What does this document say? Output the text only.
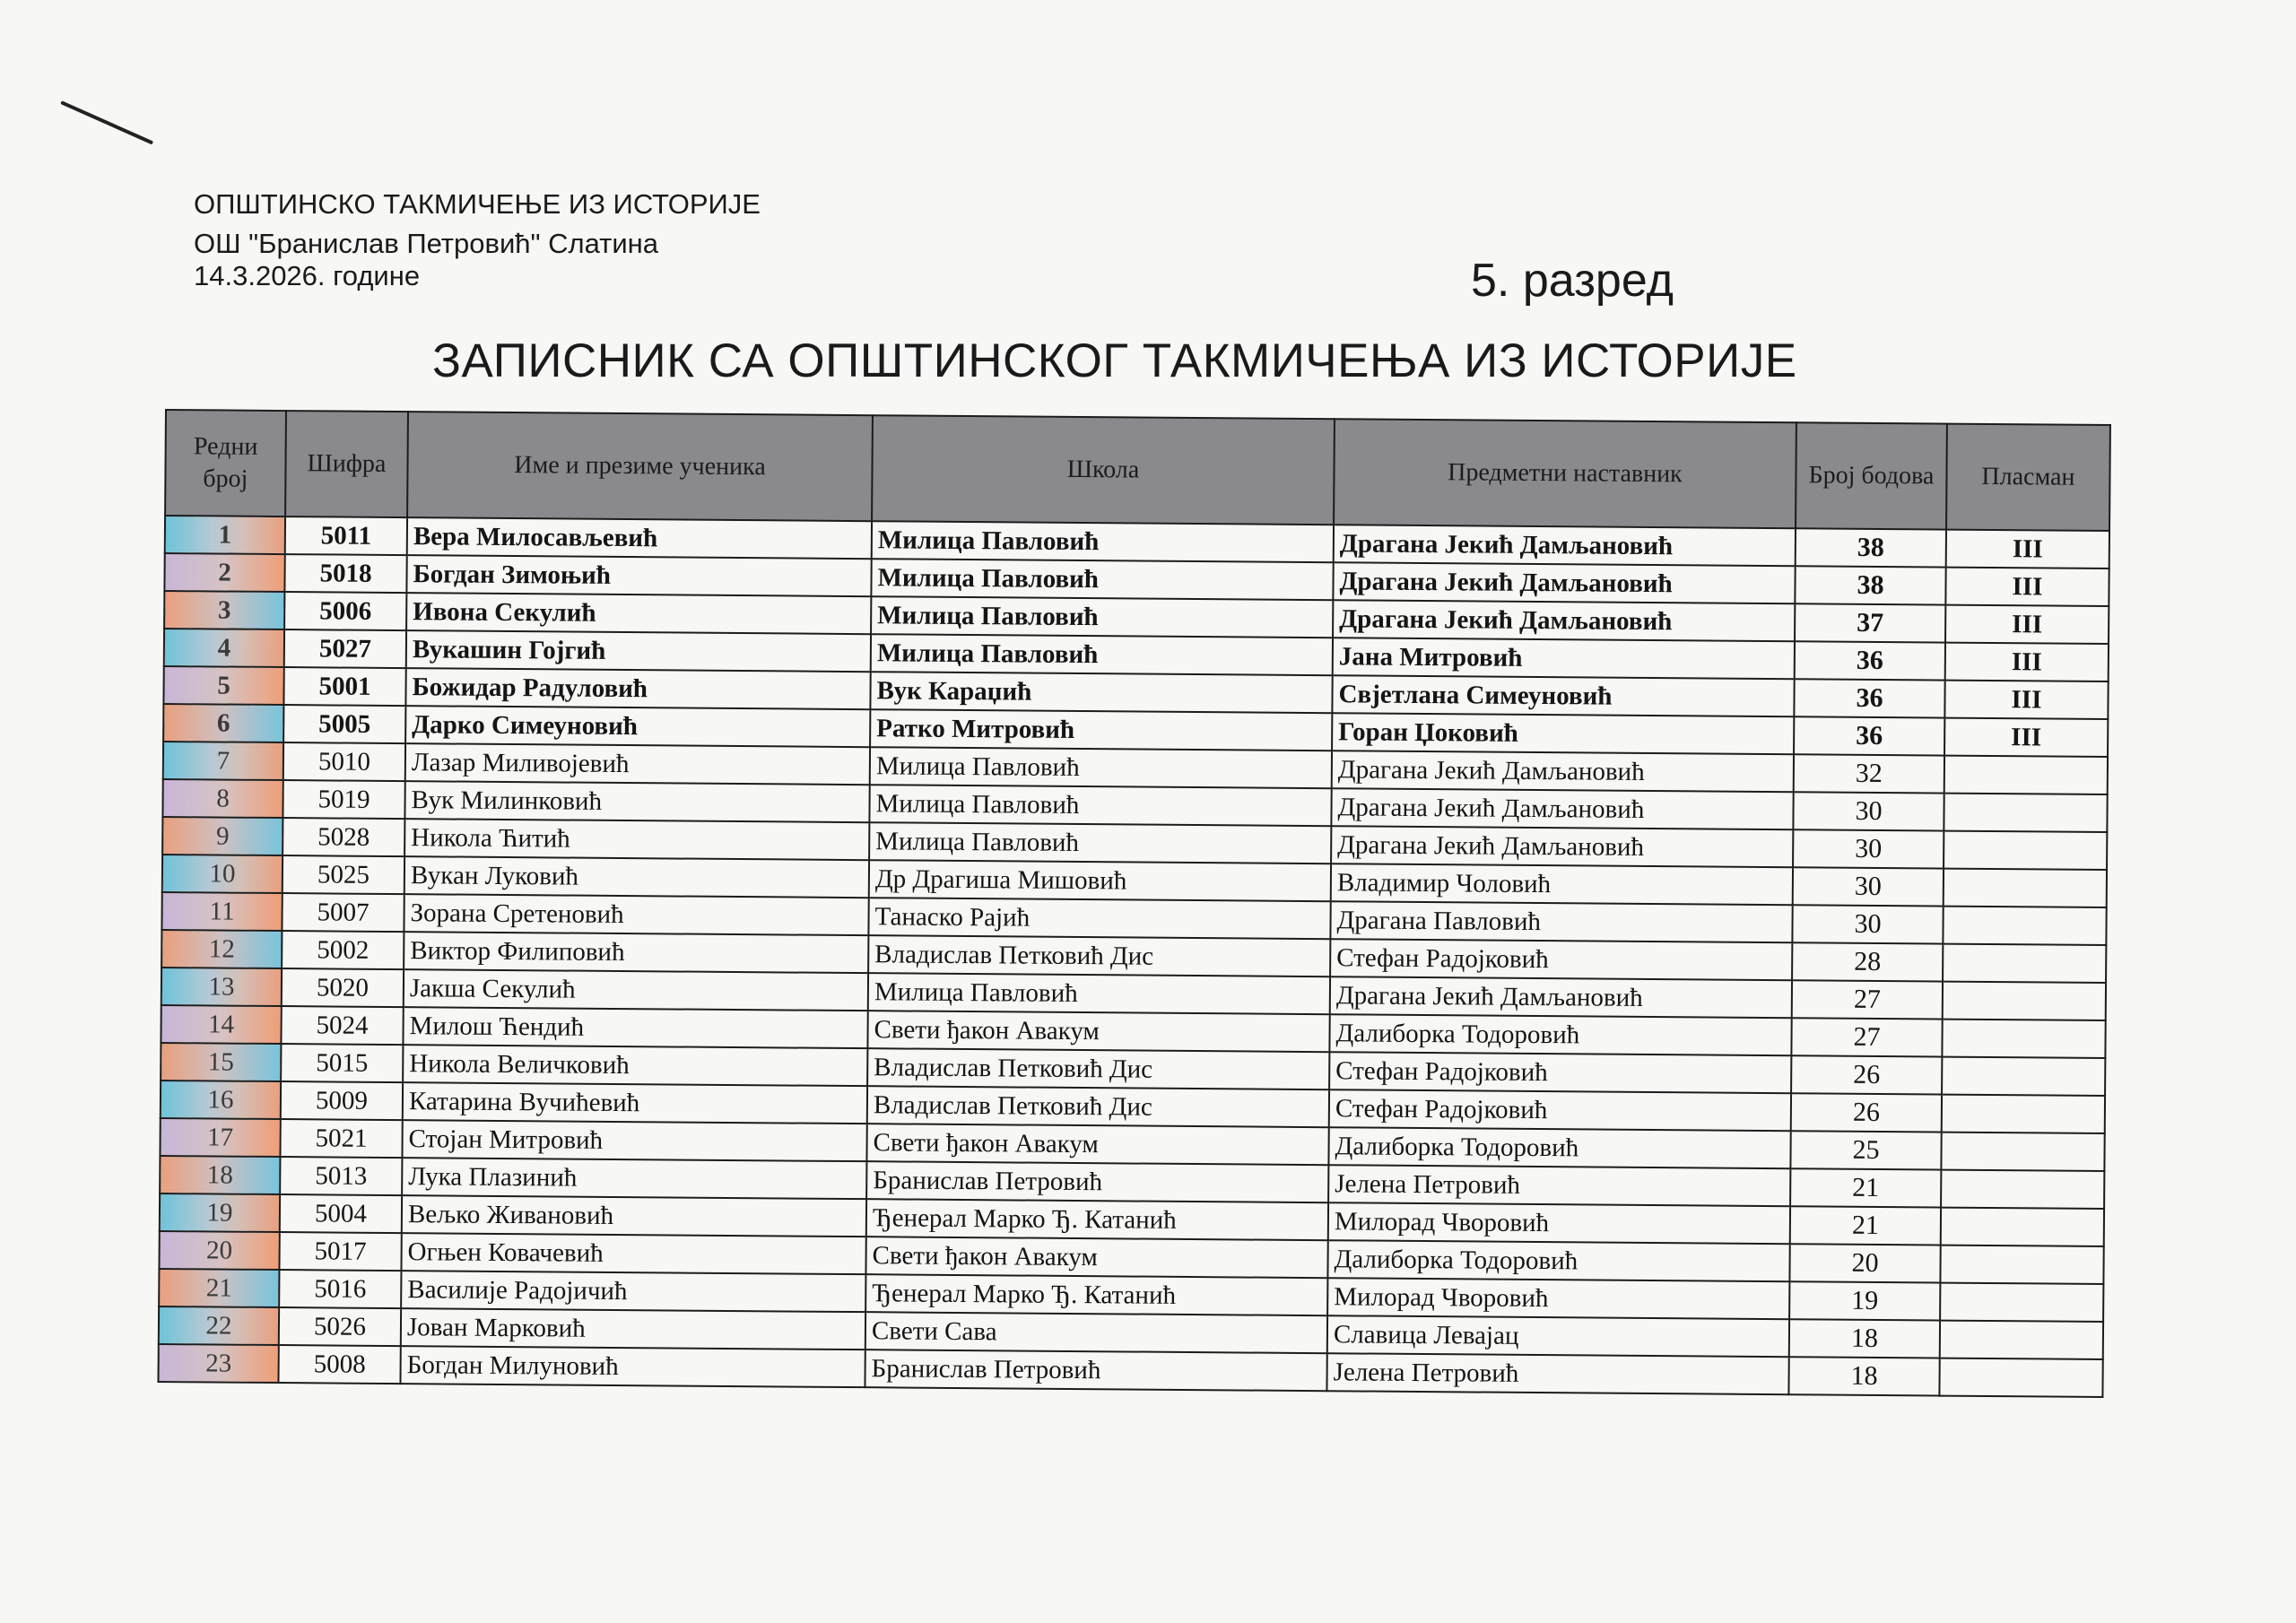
ОПШТИНСКО ТАКМИЧЕЊЕ ИЗ ИСТОРИЈЕ
ОШ "Бранислав Петровић" Слатина
14.3.2026. године	5. разред
ЗАПИСНИК СА ОПШТИНСКОГ ТАКМИЧЕЊА ИЗ ИСТОРИЈЕ
Редни број	Шифра	Име и презиме ученика	Школа	Предметни наставник	Број бодова	Пласман
1	5011	Вера Милосављевић	Милица Павловић	Драгана Јекић Дамљановић	38	III
2	5018	Богдан Зимоњић	Милица Павловић	Драгана Јекић Дамљановић	38	III
3	5006	Ивона Секулић	Милица Павловић	Драгана Јекић Дамљановић	37	III
4	5027	Вукашин Гојгић	Милица Павловић	Јана Митровић	36	III
5	5001	Божидар Радуловић	Вук Караџић	Свјетлана Симеуновић	36	III
6	5005	Дарко Симеуновић	Ратко Митровић	Горан Џоковић	36	III
7	5010	Лазар Миливојевић	Милица Павловић	Драгана Јекић Дамљановић	32	
8	5019	Вук Милинковић	Милица Павловић	Драгана Јекић Дамљановић	30	
9	5028	Никола Ћитић	Милица Павловић	Драгана Јекић Дамљановић	30	
10	5025	Вукан Луковић	Др Драгиша Мишовић	Владимир Чоловић	30	
11	5007	Зорана Сретеновић	Танаско Рајић	Драгана Павловић	30	
12	5002	Виктор Филиповић	Владислав Петковић Дис	Стефан Радојковић	28	
13	5020	Јакша Секулић	Милица Павловић	Драгана Јекић Дамљановић	27	
14	5024	Милош Ћендић	Свети ђакон Авакум	Далиборка Тодоровић	27	
15	5015	Никола Величковић	Владислав Петковић Дис	Стефан Радојковић	26	
16	5009	Катарина Вучићевић	Владислав Петковић Дис	Стефан Радојковић	26	
17	5021	Стојан Митровић	Свети ђакон Авакум	Далиборка Тодоровић	25	
18	5013	Лука Плазинић	Бранислав Петровић	Јелена Петровић	21	
19	5004	Вељко Живановић	Ђенерал Марко Ђ. Катанић	Милорад Чворовић	21	
20	5017	Огњен Ковачевић	Свети ђакон Авакум	Далиборка Тодоровић	20	
21	5016	Василије Радојичић	Ђенерал Марко Ђ. Катанић	Милорад Чворовић	19	
22	5026	Јован Марковић	Свети Сава	Славица Леваjац	18	
23	5008	Богдан Милуновић	Бранислав Петровић	Јелена Петровић	18	
